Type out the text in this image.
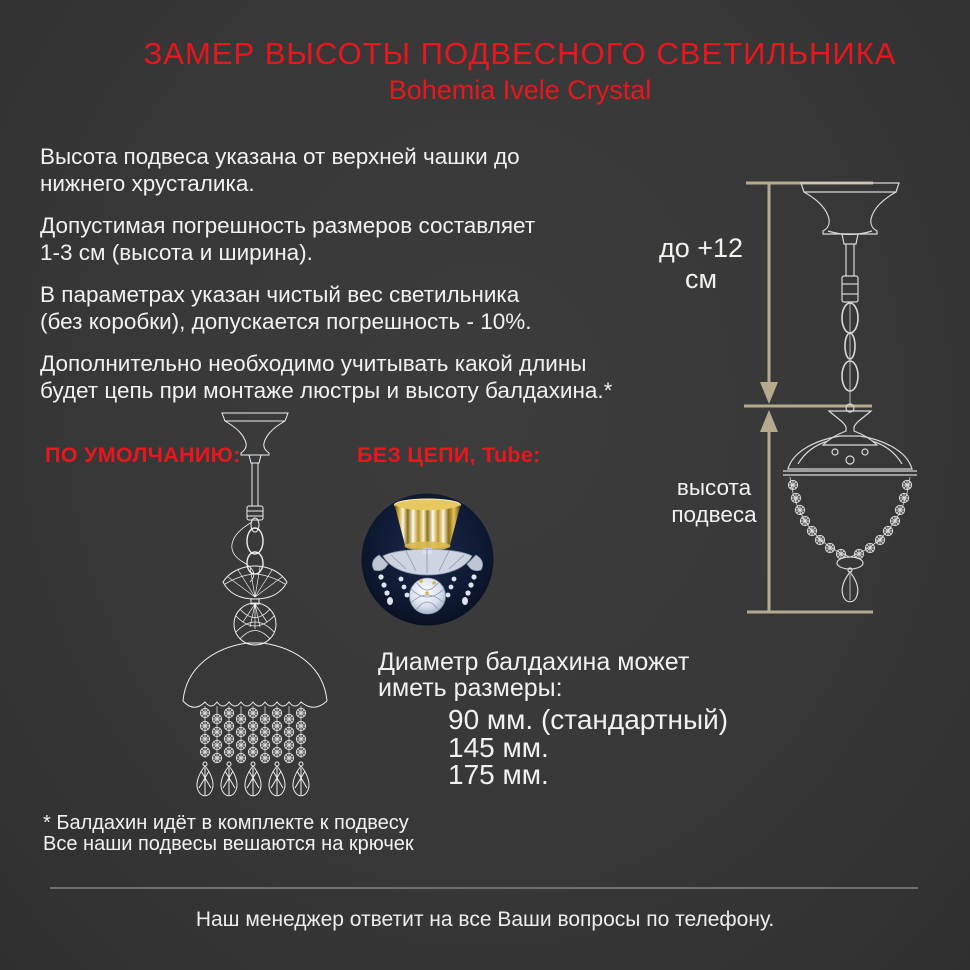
ЗАМЕР ВЫСОТЫ ПОДВЕСНОГО СВЕТИЛЬНИКА
Bohemia Ivele Crystal
Высота подвеса указана от верхней чашки до
нижнего хрусталика.
Допустимая погрешность размеров составляет
1-3 см (высота и ширина).
В параметрах указан чистый вес светильника
(без коробки), допускается погрешность - 10%.
Дополнительно необходимо учитывать какой длины
будет цепь при монтаже люстры и высоту балдахина.*
до +12 см
высота
подвеса
ПО УМОЛЧАНИЮ:	БЕЗ ЦЕПИ, Tube:
Диаметр балдахина может
иметь размеры:
90 мм. (стандартный)
145 мм.
175 мм.
* Балдахин идёт в комплекте к подвесу
Все наши подвесы вешаются на крючек
Наш менеджер ответит на все Ваши вопросы по телефону.
